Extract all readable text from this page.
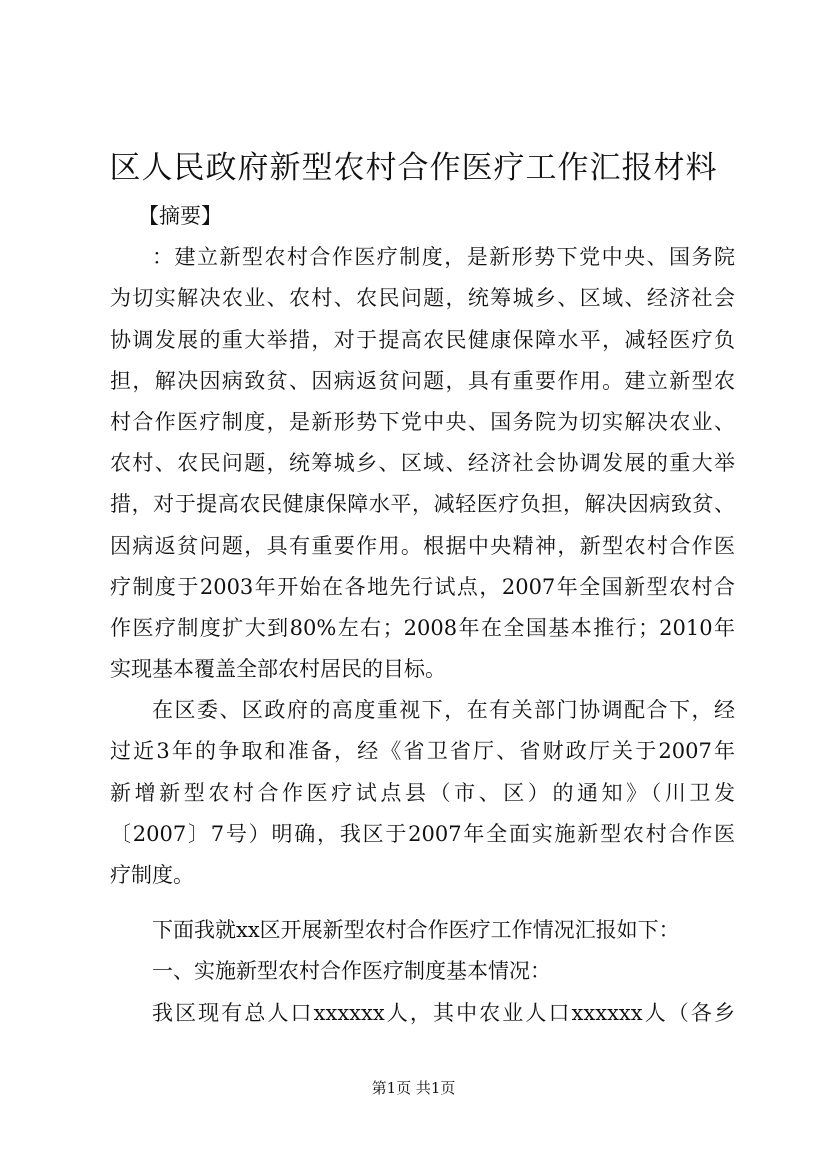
区人民政府新型农村合作医疗工作汇报材料
【摘要】
：建立新型农村合作医疗制度，是新形势下党中央、国务院
为切实解决农业、农村、农民问题，统筹城乡、区域、经济社会
协调发展的重大举措，对于提高农民健康保障水平，减轻医疗负
担，解决因病致贫、因病返贫问题，具有重要作用。建立新型农
村合作医疗制度，是新形势下党中央、国务院为切实解决农业、
农村、农民问题，统筹城乡、区域、经济社会协调发展的重大举
措，对于提高农民健康保障水平，减轻医疗负担，解决因病致贫、
因病返贫问题，具有重要作用。根据中央精神，新型农村合作医
疗制度于2003年开始在各地先行试点，2007年全国新型农村合
作医疗制度扩大到80%左右；2008年在全国基本推行；2010年
实现基本覆盖全部农村居民的目标。
在区委、区政府的高度重视下，在有关部门协调配合下，经
过近3年的争取和准备，经《省卫省厅、省财政厅关于2007年
新增新型农村合作医疗试点县（市、区）的通知》（川卫发
〔2007〕7号）明确，我区于2007年全面实施新型农村合作医
疗制度。
下面我就xx区开展新型农村合作医疗工作情况汇报如下：
一、实施新型农村合作医疗制度基本情况：
我区现有总人口xxxxxx人，其中农业人口xxxxxx人（各乡
第1页 共1页
